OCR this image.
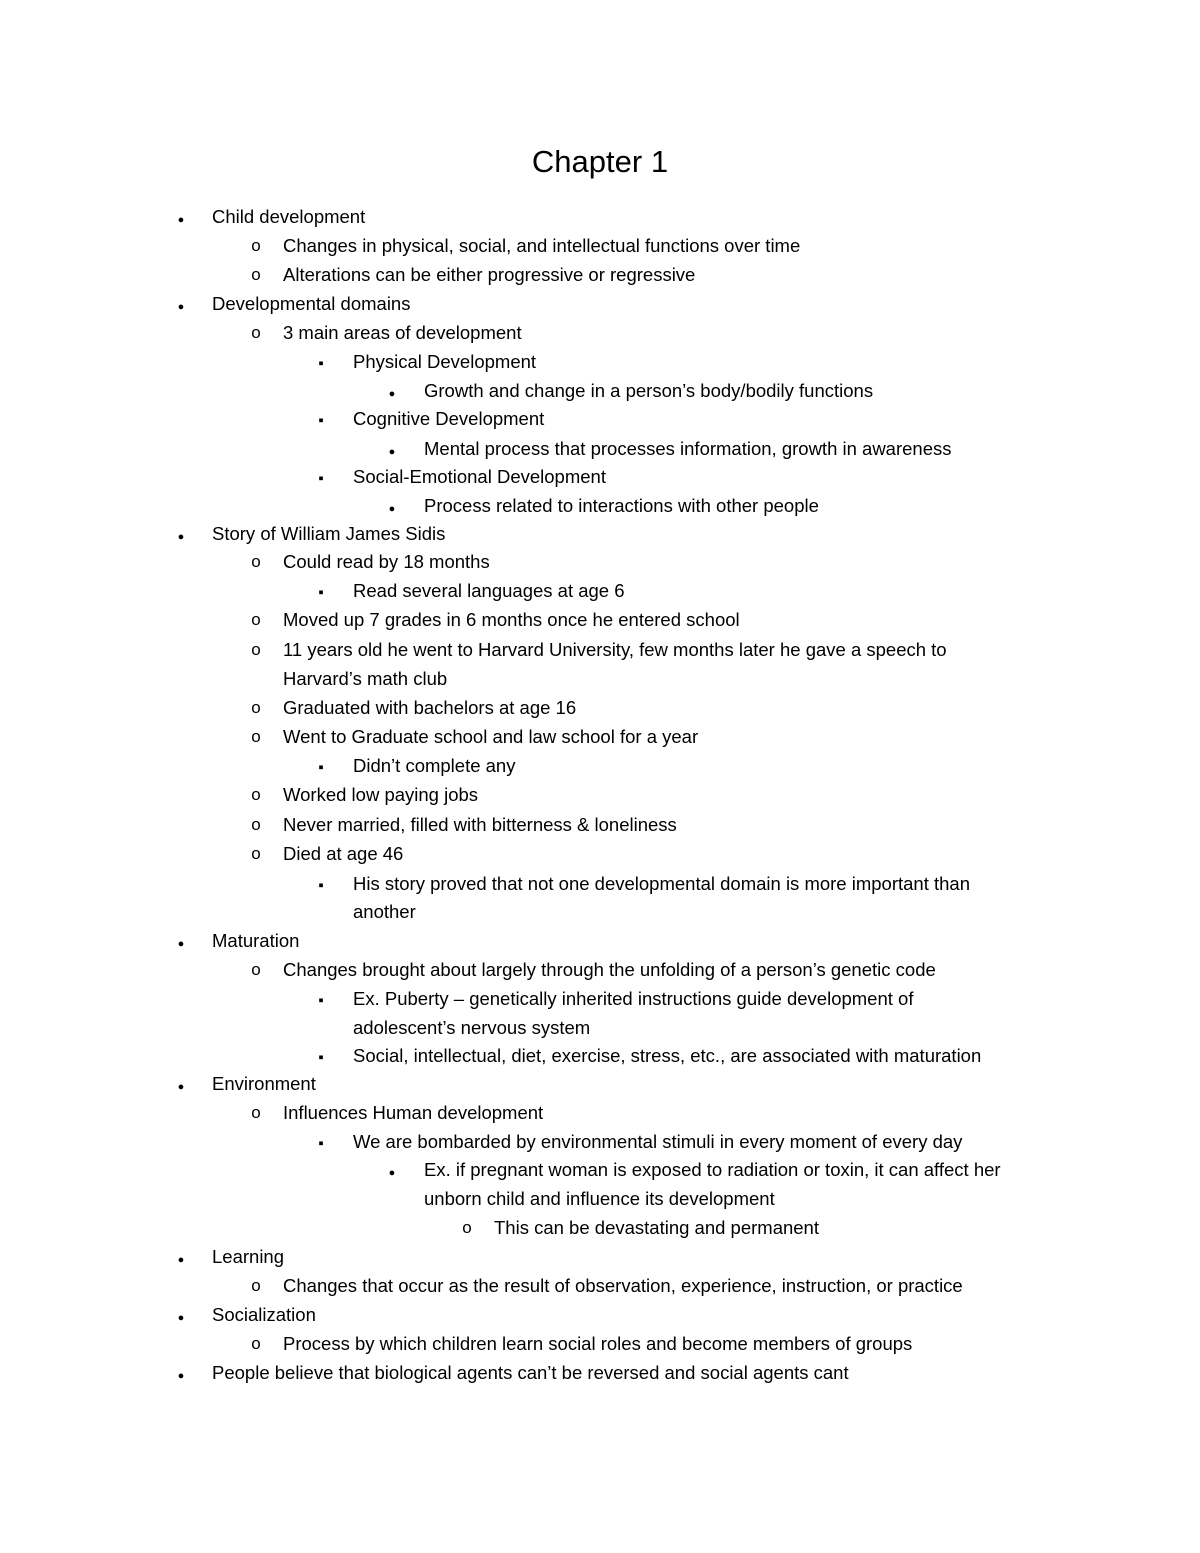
Chapter 1
●
Child development
o Changes in physical, social, and intellectual functions over time
o Alterations can be either progressive or regressive
●
Developmental domains
o 3 main areas of development
▪
Physical Development
●
Growth and change in a person’s body/bodily functions
▪
Cognitive Development
●
Mental process that processes information, growth in awareness
▪
Social-Emotional Development
●
Process related to interactions with other people
●
Story of William James Sidis
o Could read by 18 months
▪
Read several languages at age 6
o Moved up 7 grades in 6 months once he entered school
o 11 years old he went to Harvard University, few months later he gave a speech to
Harvard’s math club
o Graduated with bachelors at age 16
o Went to Graduate school and law school for a year
▪
Didn’t complete any
o Worked low paying jobs
o Never married, filled with bitterness & loneliness
o Died at age 46
▪
His story proved that not one developmental domain is more important than
another
●
Maturation
o Changes brought about largely through the unfolding of a person’s genetic code
▪
Ex. Puberty – genetically inherited instructions guide development of
adolescent’s nervous system
▪
Social, intellectual, diet, exercise, stress, etc., are associated with maturation
●
Environment
o Influences Human development
▪
We are bombarded by environmental stimuli in every moment of every day
●
Ex. if pregnant woman is exposed to radiation or toxin, it can affect her
unborn child and influence its development
o This can be devastating and permanent
●
Learning
o Changes that occur as the result of observation, experience, instruction, or practice
●
Socialization
o Process by which children learn social roles and become members of groups
●
People believe that biological agents can’t be reversed and social agents cant
